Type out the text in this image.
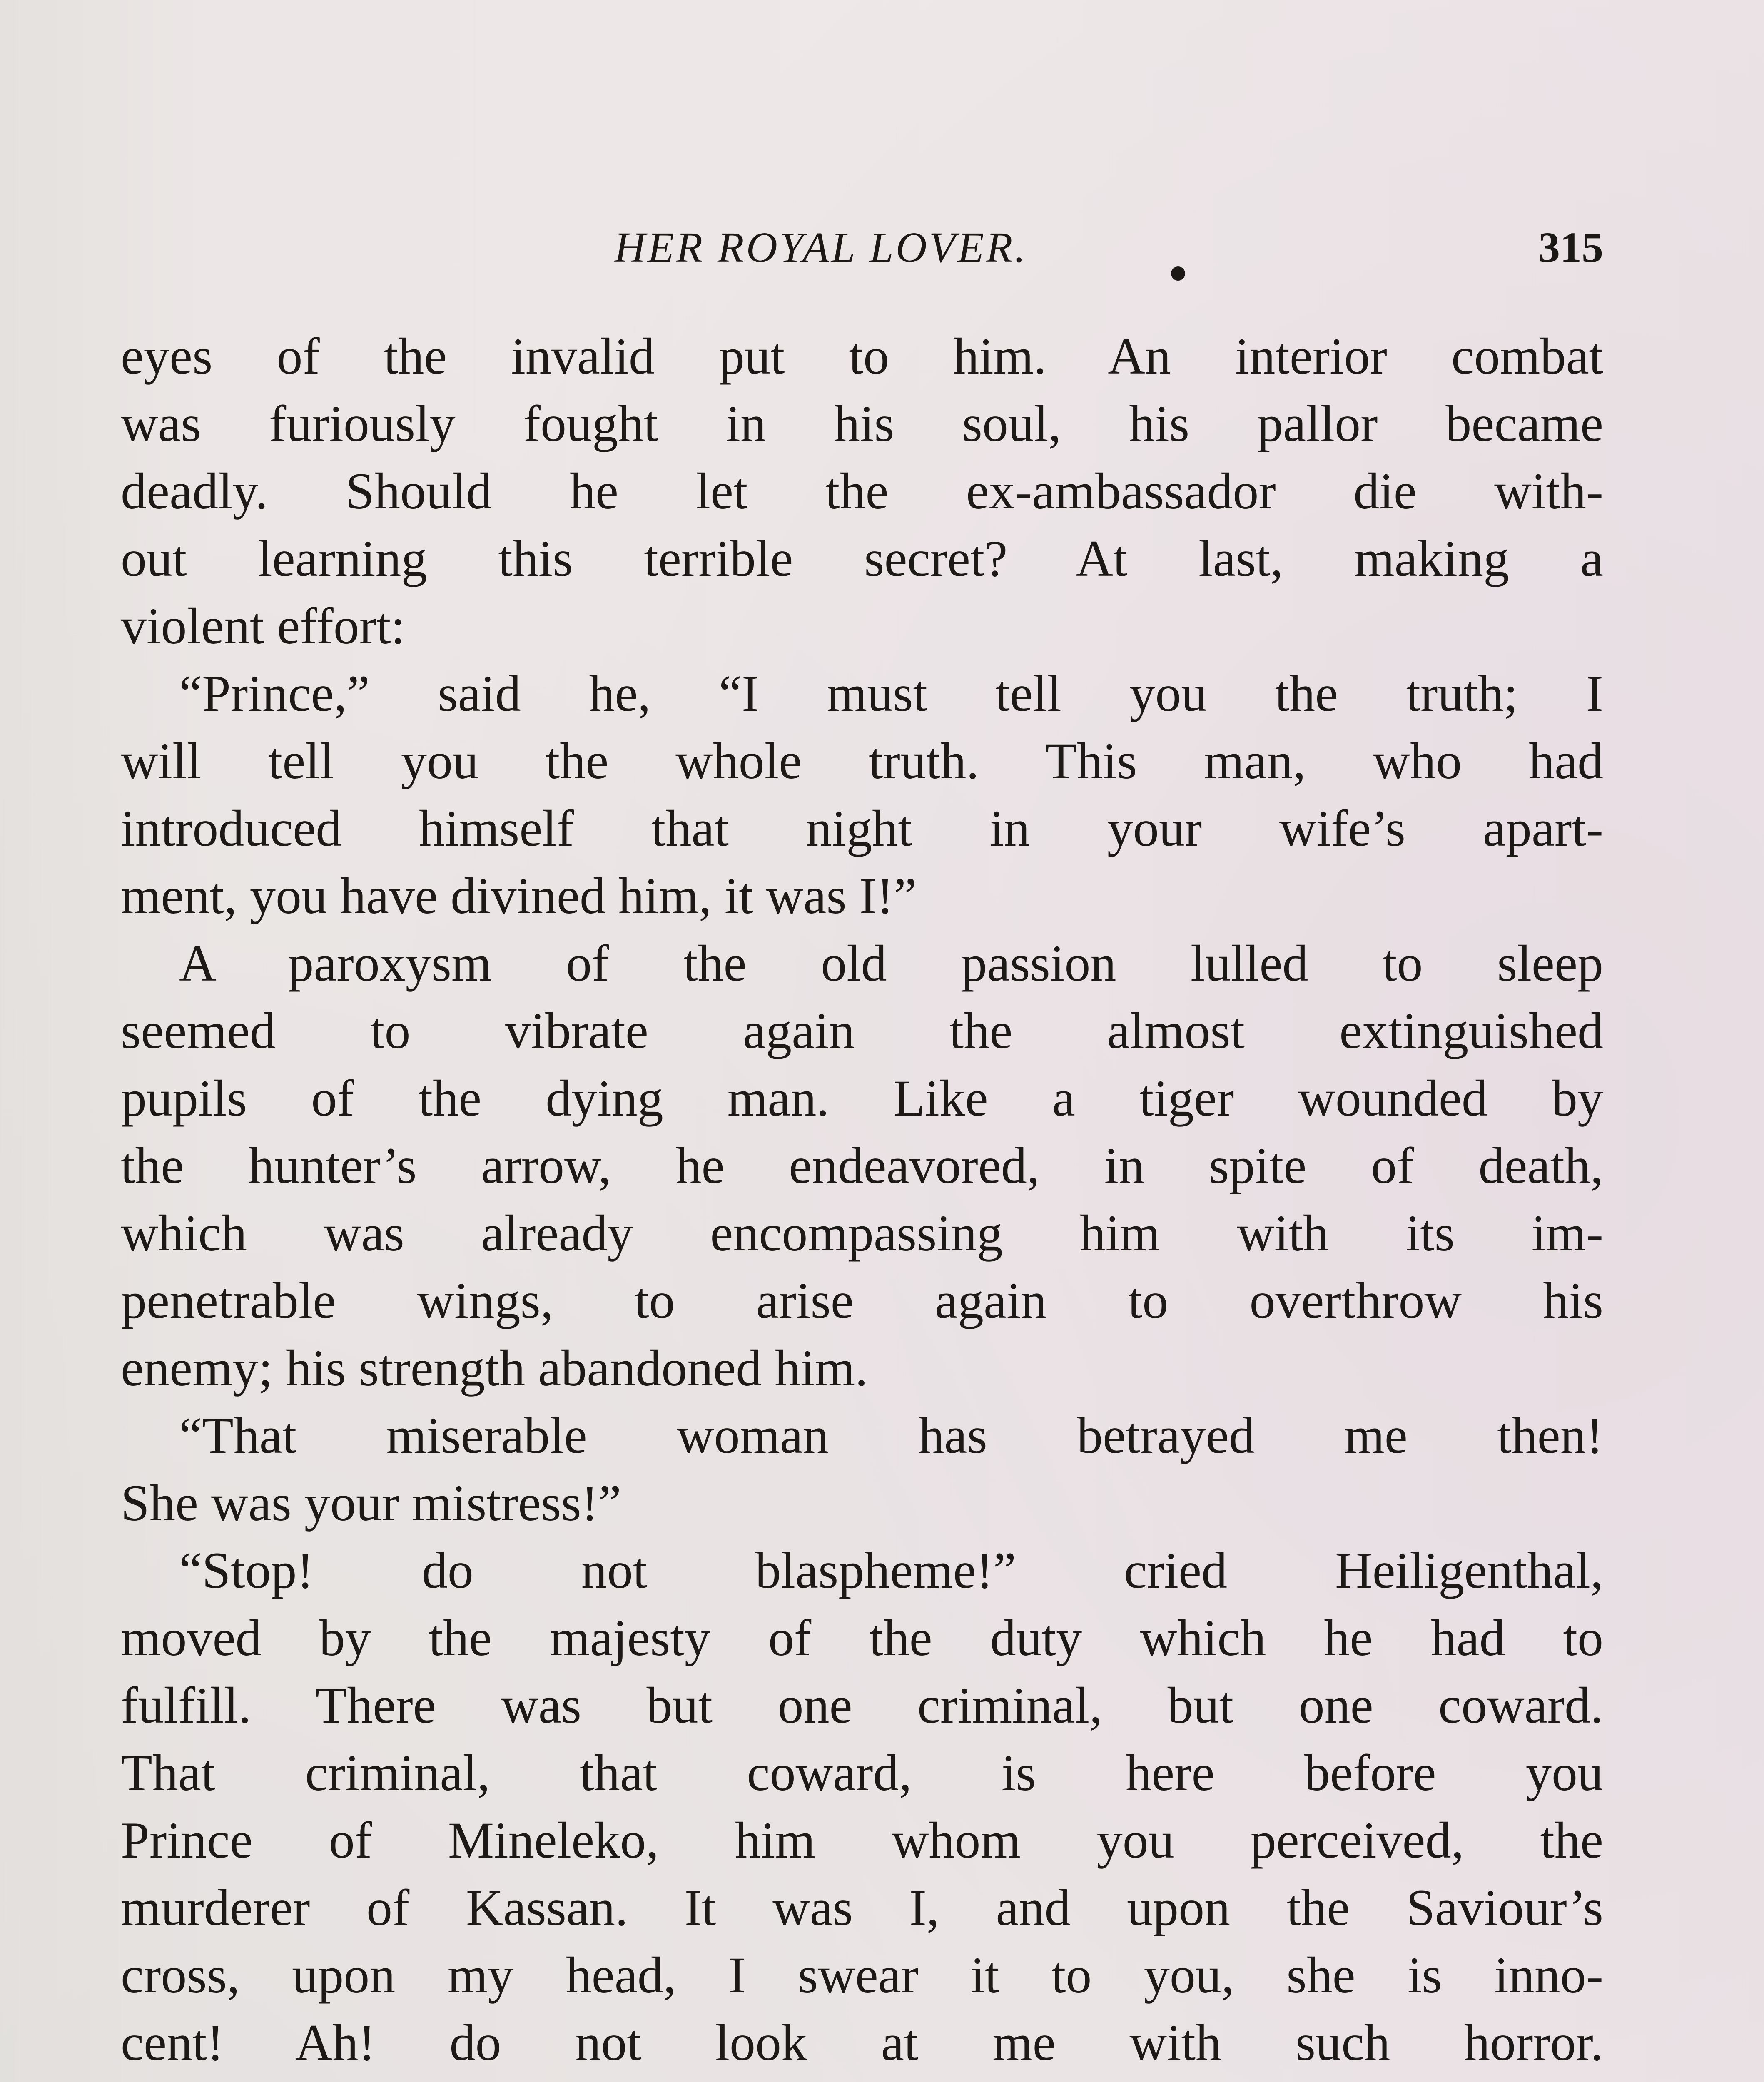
HER ROYAL LOVER.	315
eyes of the invalid put to him. An interior combat
was furiously fought in his soul, his pallor became
deadly. Should he let the ex-ambassador die with-
out learning this terrible secret? At last, making a
violent effort:
“Prince,” said he, “I must tell you the truth; I
will tell you the whole truth. This man, who had
introduced himself that night in your wife’s apart-
ment, you have divined him, it was I!”
A paroxysm of the old passion lulled to sleep
seemed to vibrate again the almost extinguished
pupils of the dying man. Like a tiger wounded by
the hunter’s arrow, he endeavored, in spite of death,
which was already encompassing him with its im-
penetrable wings, to arise again to overthrow his
enemy; his strength abandoned him.
“That miserable woman has betrayed me then!
She was your mistress!”
“Stop! do not blaspheme!” cried Heiligenthal,
moved by the majesty of the duty which he had to
fulfill. There was but one criminal, but one coward.
That criminal, that coward, is here before you
Prince of Mineleko, him whom you perceived, the
murderer of Kassan. It was I, and upon the Saviour’s
cross, upon my head, I swear it to you, she is inno-
cent! Ah! do not look at me with such horror.
